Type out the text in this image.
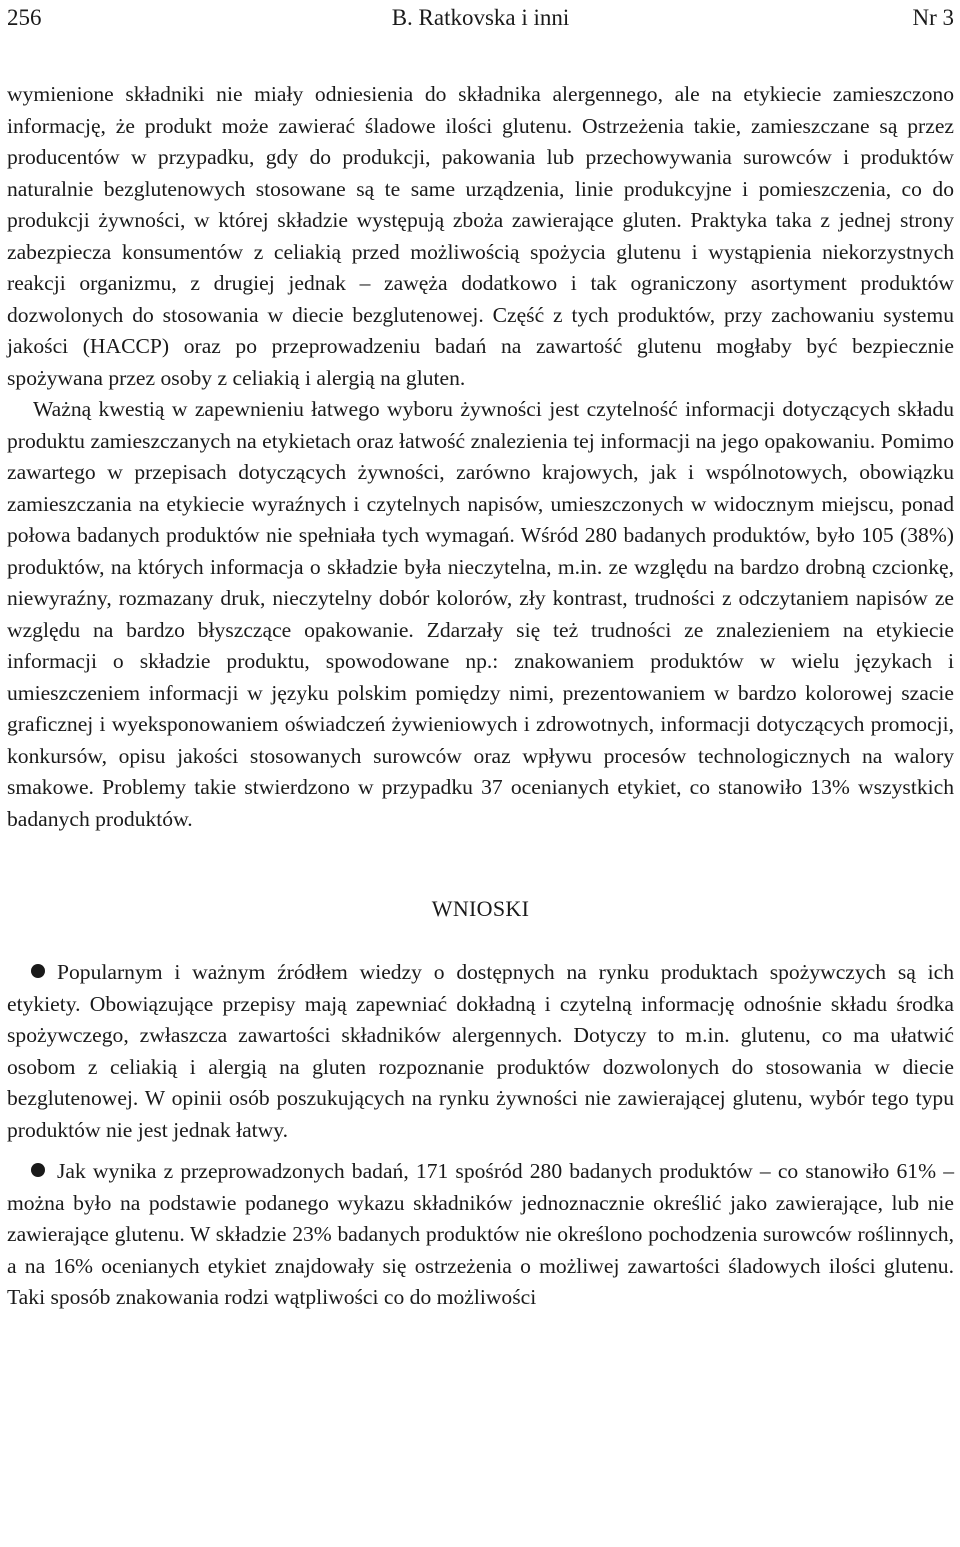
256	B. Ratkovska i inni	Nr 3

wymienione składniki nie miały odniesienia do składnika alergennego, ale na etykiecie zamieszczono informację, że produkt może zawierać śladowe ilości glutenu. Ostrzeżenia takie, zamieszczane są przez producentów w przypadku, gdy do produkcji, pakowania lub przechowywania surowców i produktów naturalnie bezglutenowych stosowane są te same urządzenia, linie produkcyjne i pomieszczenia, co do produkcji żywności, w której składzie występują zboża zawierające gluten. Praktyka taka z jednej strony zabezpiecza konsumentów z celiakią przed możliwością spożycia glutenu i wystąpienia niekorzystnych reakcji organizmu, z drugiej jednak – zawęża dodatkowo i tak ograniczony asortyment produktów dozwolonych do stosowania w diecie bezglutenowej. Część z tych produktów, przy zachowaniu systemu jakości (HACCP) oraz po przeprowadzeniu badań na zawartość glutenu mogłaby być bezpiecznie spożywana przez osoby z celiakią i alergią na gluten.

Ważną kwestią w zapewnieniu łatwego wyboru żywności jest czytelność informacji dotyczących składu produktu zamieszczanych na etykietach oraz łatwość znalezienia tej informacji na jego opakowaniu. Pomimo zawartego w przepisach dotyczących żywności, zarówno krajowych, jak i wspólnotowych, obowiązku zamieszczania na etykiecie wyraźnych i czytelnych napisów, umieszczonych w widocznym miejscu, ponad połowa badanych produktów nie spełniała tych wymagań. Wśród 280 badanych produktów, było 105 (38%) produktów, na których informacja o składzie była nieczytelna, m.in. ze względu na bardzo drobną czcionkę, niewyraźny, rozmazany druk, nieczytelny dobór kolorów, zły kontrast, trudności z odczytaniem napisów ze względu na bardzo błyszczące opakowanie. Zdarzały się też trudności ze znalezieniem na etykiecie informacji o składzie produktu, spowodowane np.: znakowaniem produktów w wielu językach i umieszczeniem informacji w języku polskim pomiędzy nimi, prezentowaniem w bardzo kolorowej szacie graficznej i wyeksponowaniem oświadczeń żywieniowych i zdrowotnych, informacji dotyczących promocji, konkursów, opisu jakości stosowanych surowców oraz wpływu procesów technologicznych na walory smakowe. Problemy takie stwierdzono w przypadku 37 ocenianych etykiet, co stanowiło 13% wszystkich badanych produktów.

WNIOSKI

Popularnym i ważnym źródłem wiedzy o dostępnych na rynku produktach spożywczych są ich etykiety. Obowiązujące przepisy mają zapewniać dokładną i czytelną informację odnośnie składu środka spożywczego, zwłaszcza zawartości składników alergennych. Dotyczy to m.in. glutenu, co ma ułatwić osobom z celiakią i alergią na gluten rozpoznanie produktów dozwolonych do stosowania w diecie bezglutenowej. W opinii osób poszukujących na rynku żywności nie zawierającej glutenu, wybór tego typu produktów nie jest jednak łatwy.

Jak wynika z przeprowadzonych badań, 171 spośród 280 badanych produktów – co stanowiło 61% – można było na podstawie podanego wykazu składników jednoznacznie określić jako zawierające, lub nie zawierające glutenu. W składzie 23% badanych produktów nie określono pochodzenia surowców roślinnych, a na 16% ocenianych etykiet znajdowały się ostrzeżenia o możliwej zawartości śladowych ilości glutenu. Taki sposób znakowania rodzi wątpliwości co do możliwości
